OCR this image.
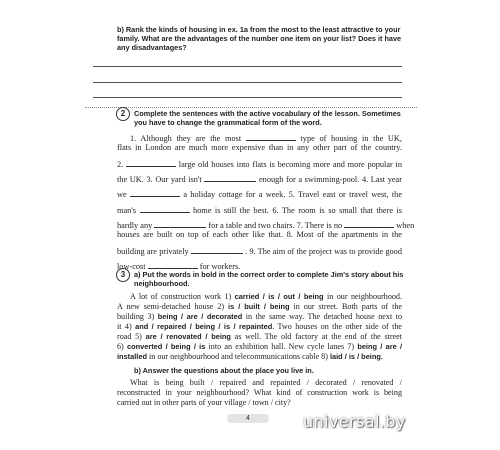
b) Rank the kinds of housing in ex. 1a from the most to the least attractive to your
family. What are the advantages of the number one item on your list? Does it have
any disadvantages?
2	Complete the sentences with the active vocabulary of the lesson. Sometimes
you have to change the grammatical form of the word.
1. Although they are the most	type of housing in the UK,
flats in London are much more expensive than in any other part of the country.
2.	large old houses into flats is becoming more and more popular in
the UK. 3. Our yard isn't	enough for a swimming-pool. 4. Last year
we	a holiday cottage for a week. 5. Travel east or travel west, the
man's	home is still the best. 6. The room is so small that there is
hardly any	for a table and two chairs. 7. There is no	when
houses are built on top of each other like that. 8. Most of the apartments in the
building are privately	. 9. The aim of the project was to provide good
low-cost	for workers.
3	a) Put the words in bold in the correct order to complete Jim's story about his
neighbourhood.
A lot of construction work 1) carried / is / out / being in our neighbourhood.
A new semi-detached house 2) is / built / being in our street. Both parts of the
building 3) being / are / decorated in the same way. The detached house next to
it 4) and / repaired / being / is / repainted. Two houses on the other side of the
road 5) are / renovated / being as well. The old factory at the end of the street
6) converted / being / is into an exhibition hall. New cycle lanes 7) being / are /
installed in our neighbourhood and telecommunications cable 8) laid / is / being.
b) Answer the questions about the place you live in.
What is being built / repaired and repainted / decorated / renovated /
reconstructed in your neighbourhood? What kind of construction work is being
carried out in other parts of your village / town / city?
4	universal.by
